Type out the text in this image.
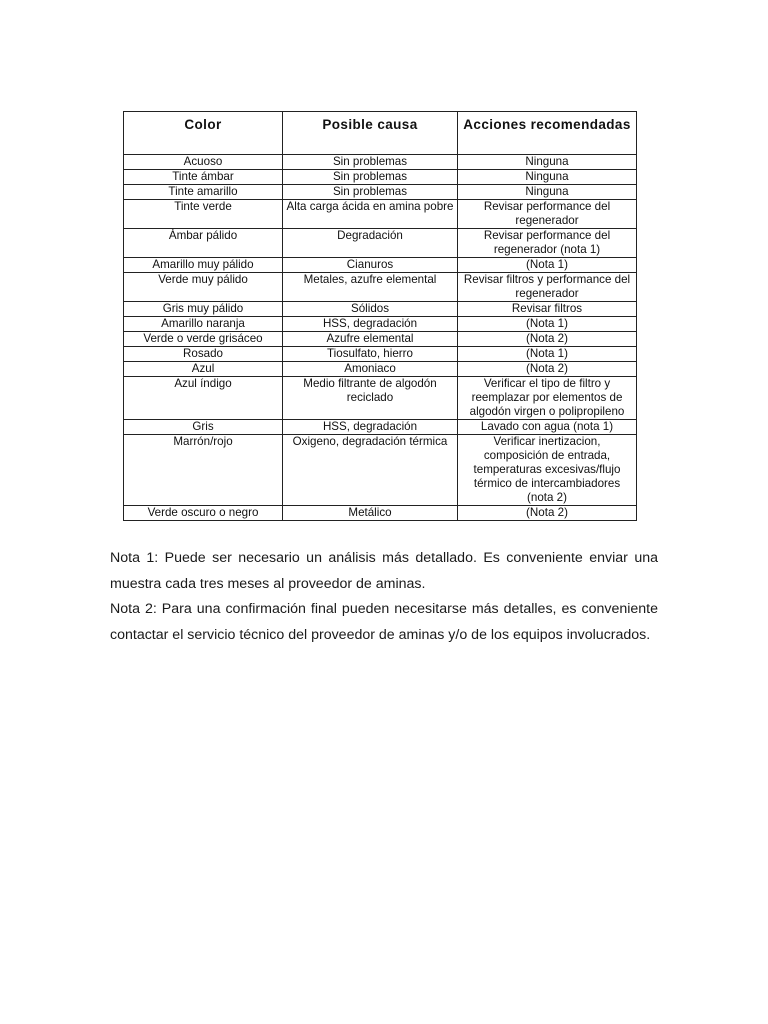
Color	Posible causa	Acciones recomendadas
Acuoso	Sin problemas	Ninguna
Tinte ámbar	Sin problemas	Ninguna
Tinte amarillo	Sin problemas	Ninguna
Tinte verde	Alta carga ácida en amina pobre	Revisar performance del regenerador
Ámbar pálido	Degradación	Revisar performance del regenerador (nota 1)
Amarillo muy pálido	Cianuros	(Nota 1)
Verde muy pálido	Metales, azufre elemental	Revisar filtros y performance del regenerador
Gris muy pálido	Sólidos	Revisar filtros
Amarillo naranja	HSS, degradación	(Nota 1)
Verde o verde grisáceo	Azufre elemental	(Nota 2)
Rosado	Tiosulfato, hierro	(Nota 1)
Azul	Amoniaco	(Nota 2)
Azul índigo	Medio filtrante de algodón reciclado	Verificar el tipo de filtro y reemplazar por elementos de algodón virgen o polipropileno
Gris	HSS, degradación	Lavado con agua (nota 1)
Marrón/rojo	Oxigeno, degradación térmica	Verificar inertizacion, composición de entrada, temperaturas excesivas/flujo térmico de intercambiadores (nota 2)
Verde oscuro o negro	Metálico	(Nota 2)

Nota 1: Puede ser necesario un análisis más detallado. Es conveniente enviar una muestra cada tres meses al proveedor de aminas.

Nota 2: Para una confirmación final pueden necesitarse más detalles, es conveniente contactar el servicio técnico del proveedor de aminas y/o de los equipos involucrados.
